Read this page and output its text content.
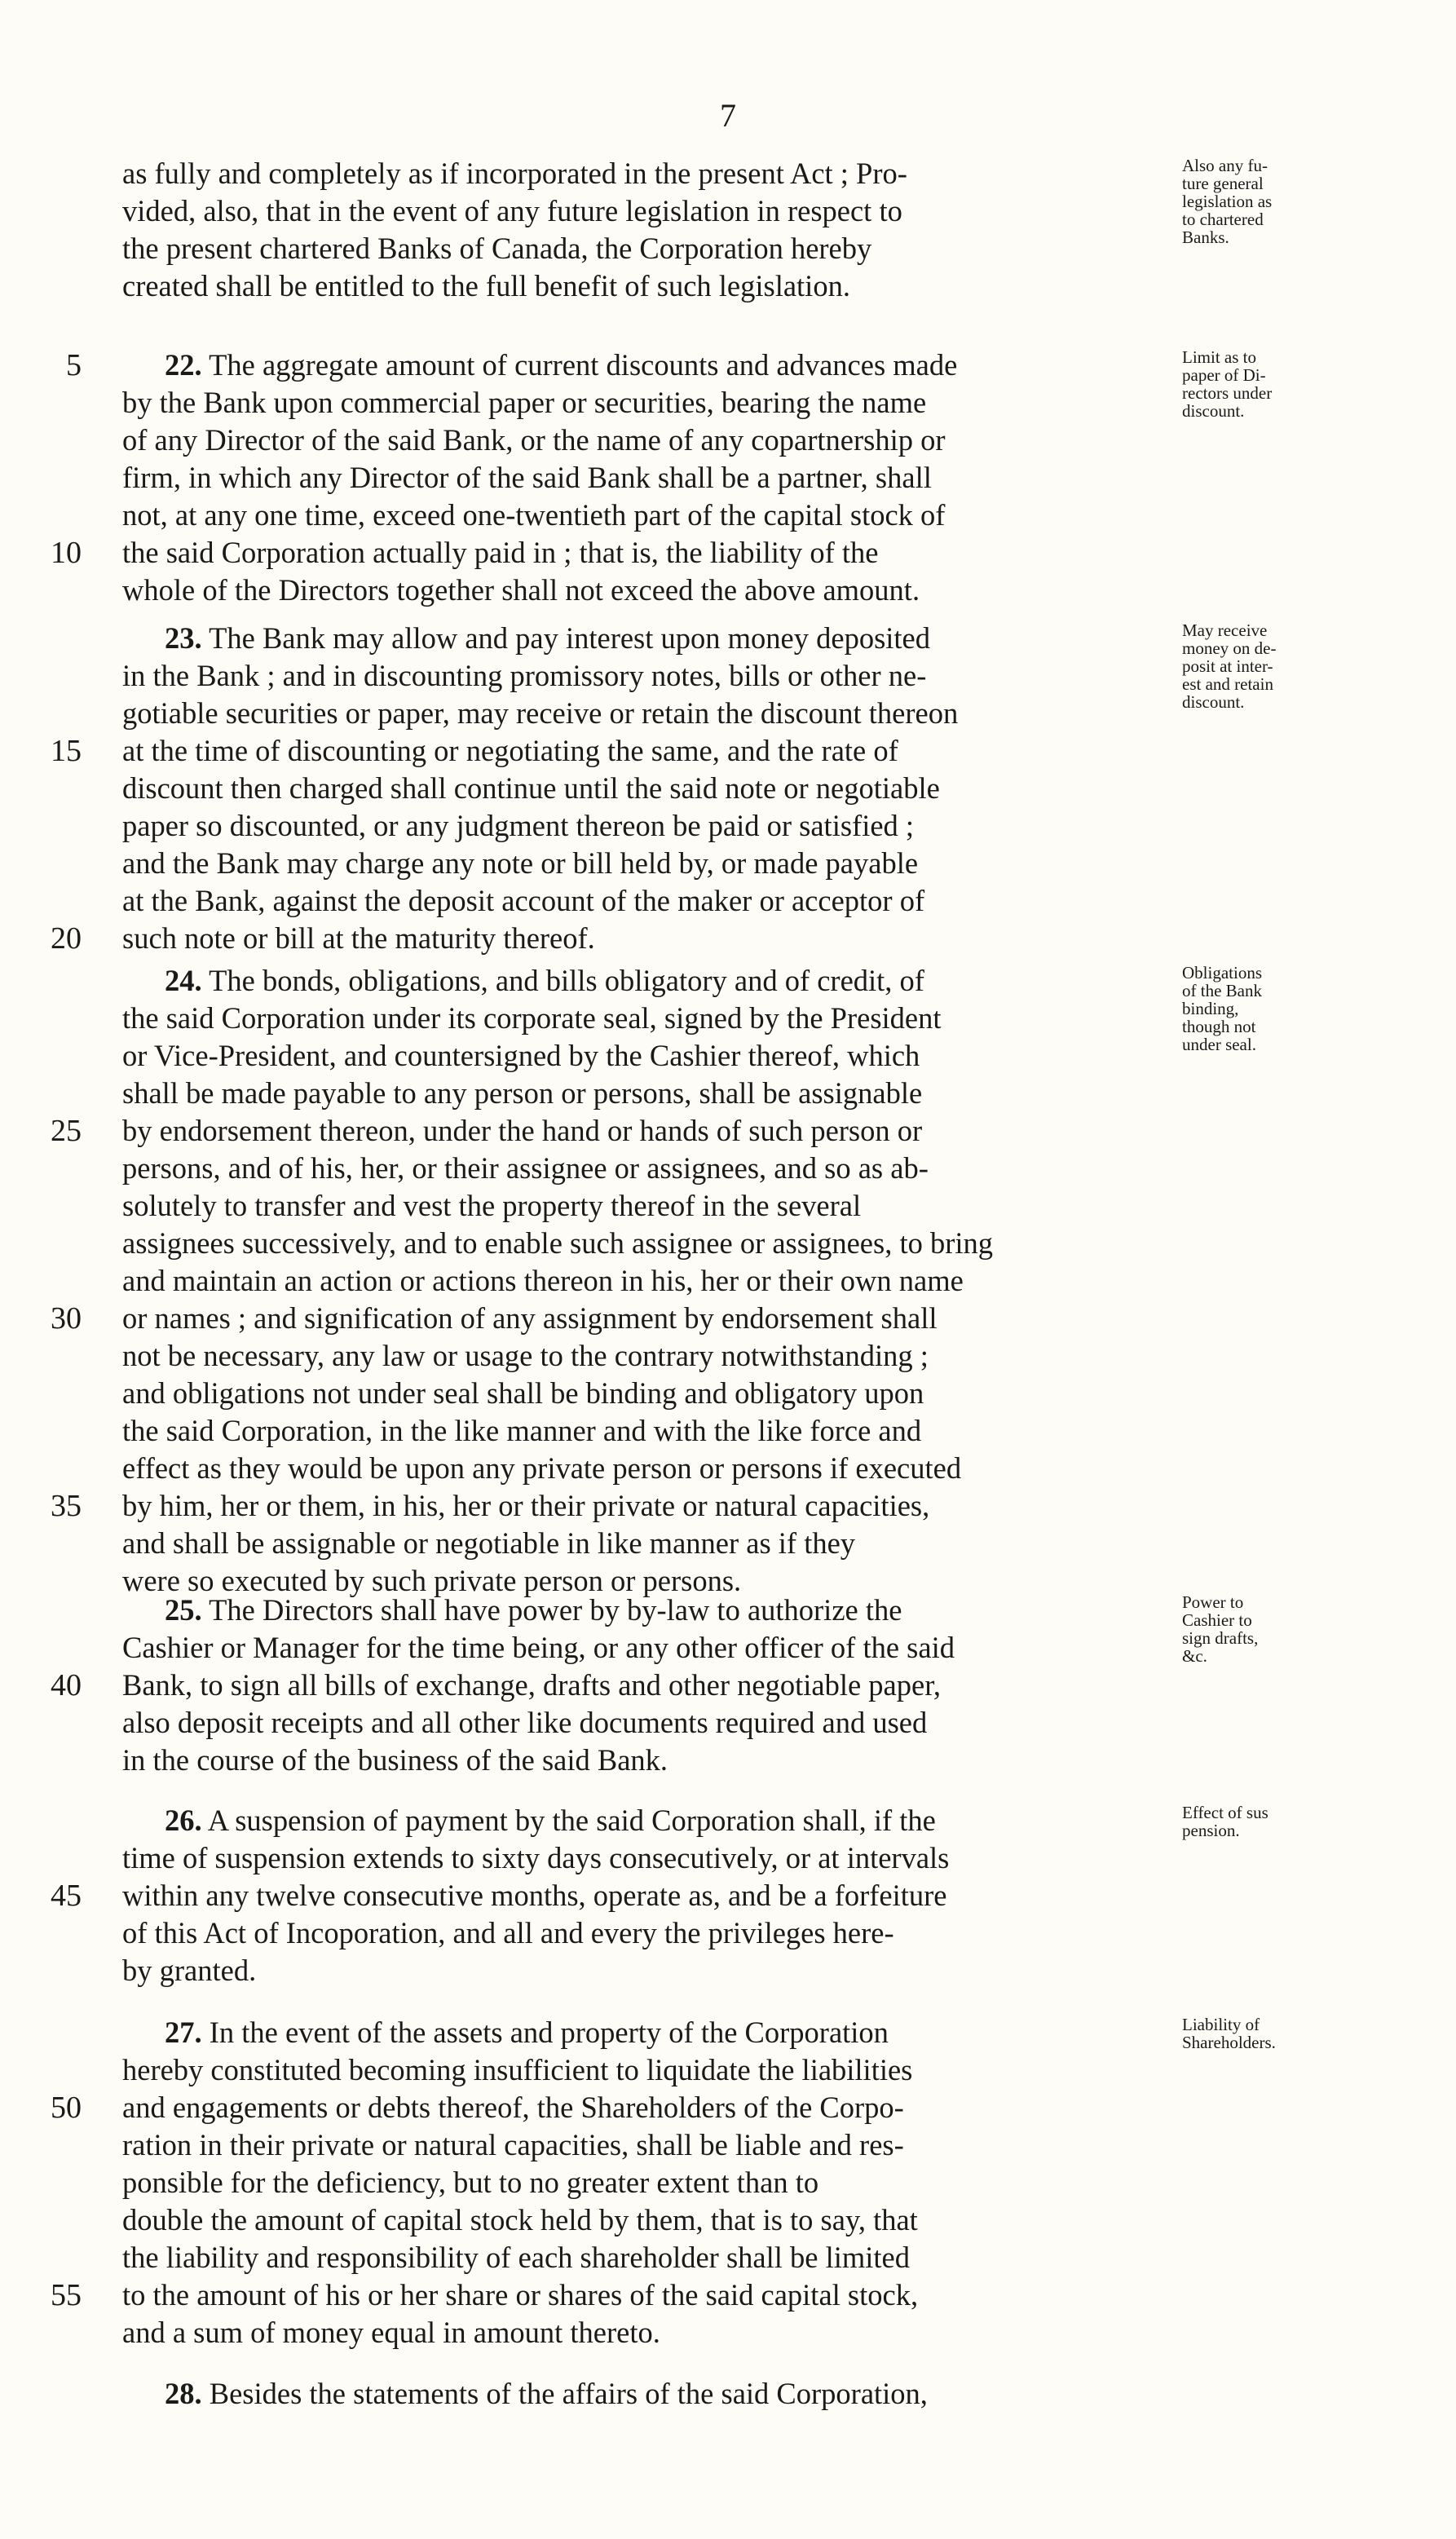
7
as fully and completely as if incorporated in the present Act ; Pro-
vided, also, that in the event of any future legislation in respect to
the present chartered Banks of Canada, the Corporation hereby
created shall be entitled to the full benefit of such legislation.
Also any fu-
ture general
legislation as
to chartered
Banks.
5	22. The aggregate amount of current discounts and advances made
by the Bank upon commercial paper or securities, bearing the name
of any Director of the said Bank, or the name of any copartnership or
firm, in which any Director of the said Bank shall be a partner, shall
not, at any one time, exceed one-twentieth part of the capital stock of
10 the said Corporation actually paid in ; that is, the liability of the
whole of the Directors together shall not exceed the above amount.
Limit as to
paper of Di-
rectors under
discount.
23. The Bank may allow and pay interest upon money deposited
in the Bank ; and in discounting promissory notes, bills or other ne-
gotiable securities or paper, may receive or retain the discount thereon
15 at the time of discounting or negotiating the same, and the rate of
discount then charged shall continue until the said note or negotiable
paper so discounted, or any judgment thereon be paid or satisfied ;
and the Bank may charge any note or bill held by, or made payable
at the Bank, against the deposit account of the maker or acceptor of
20 such note or bill at the maturity thereof.
May receive
money on de-
posit at inter-
est and retain
discount.
24. The bonds, obligations, and bills obligatory and of credit, of
the said Corporation under its corporate seal, signed by the President
or Vice-President, and countersigned by the Cashier thereof, which
shall be made payable to any person or persons, shall be assignable
25 by endorsement thereon, under the hand or hands of such person or
persons, and of his, her, or their assignee or assignees, and so as ab-
solutely to transfer and vest the property thereof in the several
assignees successively, and to enable such assignee or assignees, to bring
and maintain an action or actions thereon in his, her or their own name
30 or names ; and signification of any assignment by endorsement shall
not be necessary, any law or usage to the contrary notwithstanding ;
and obligations not under seal shall be binding and obligatory upon
the said Corporation, in the like manner and with the like force and
effect as they would be upon any private person or persons if executed
35 by him, her or them, in his, her or their private or natural capacities,
and shall be assignable or negotiable in like manner as if they
were so executed by such private person or persons.
Obligations
of the Bank
binding,
though not
under seal.
25. The Directors shall have power by by-law to authorize the
Cashier or Manager for the time being, or any other officer of the said
40 Bank, to sign all bills of exchange, drafts and other negotiable paper,
also deposit receipts and all other like documents required and used
in the course of the business of the said Bank.
Power to
Cashier to
sign drafts,
&c.
26. A suspension of payment by the said Corporation shall, if the
time of suspension extends to sixty days consecutively, or at intervals
45 within any twelve consecutive months, operate as, and be a forfeiture
of this Act of Incoporation, and all and every the privileges here-
by granted.
Effect of sus
pension.
27. In the event of the assets and property of the Corporation
hereby constituted becoming insufficient to liquidate the liabilities
50 and engagements or debts thereof, the Shareholders of the Corpo-
ration in their private or natural capacities, shall be liable and res-
ponsible for the deficiency, but to no greater extent than to
double the amount of capital stock held by them, that is to say, that
the liability and responsibility of each shareholder shall be limited
55 to the amount of his or her share or shares of the said capital stock,
and a sum of money equal in amount thereto.
Liability of
Shareholders.
28. Besides the statements of the affairs of the said Corporation,
